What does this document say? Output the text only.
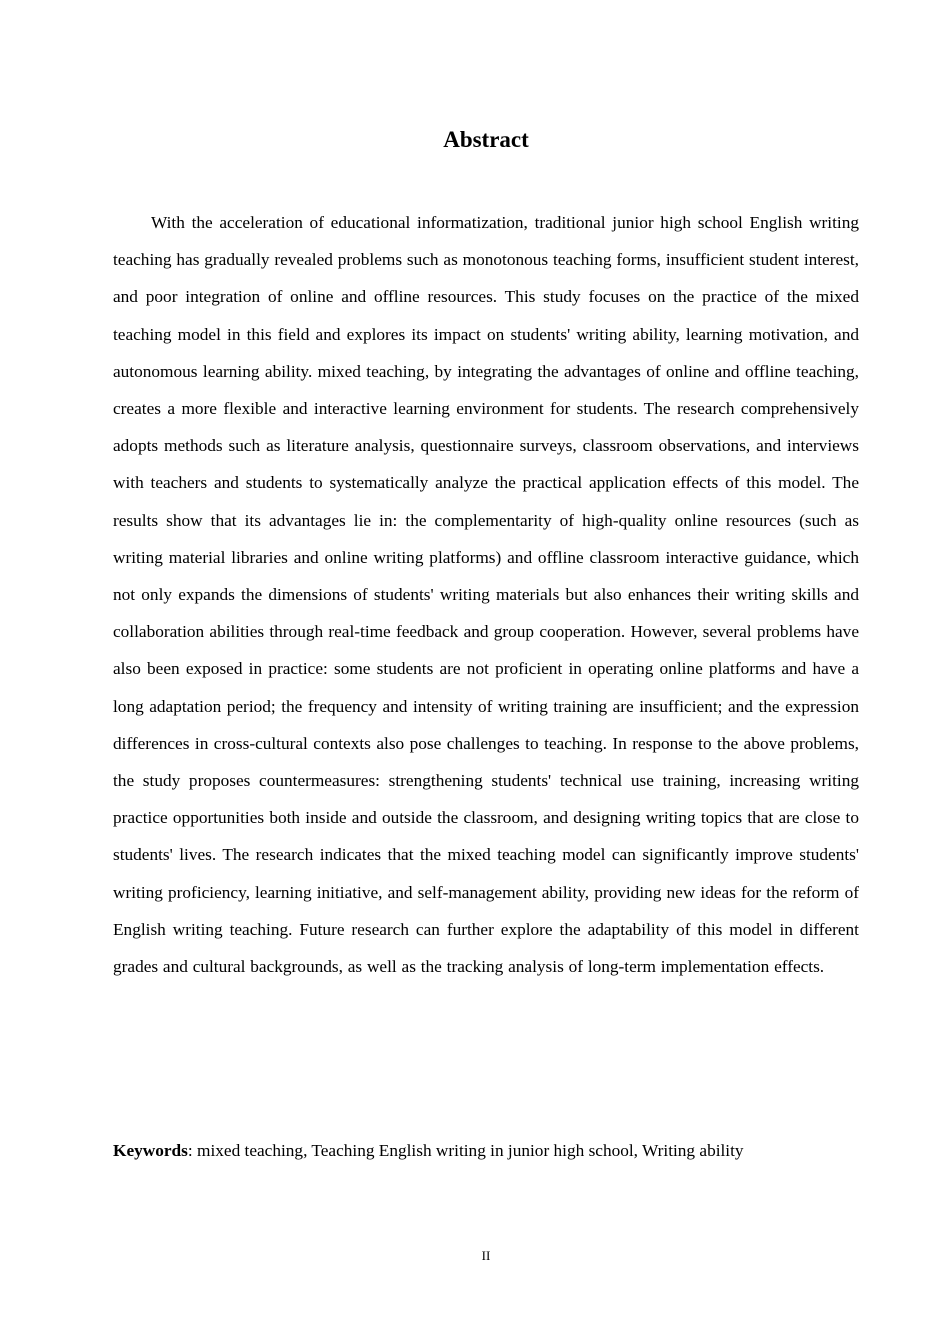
Abstract

With the acceleration of educational informatization, traditional junior high school English writing teaching has gradually revealed problems such as monotonous teaching forms, insufficient student interest, and poor integration of online and offline resources. This study focuses on the practice of the mixed teaching model in this field and explores its impact on students' writing ability, learning motivation, and autonomous learning ability. mixed teaching, by integrating the advantages of online and offline teaching, creates a more flexible and interactive learning environment for students. The research comprehensively adopts methods such as literature analysis, questionnaire surveys, classroom observations, and interviews with teachers and students to systematically analyze the practical application effects of this model. The results show that its advantages lie in: the complementarity of high-quality online resources (such as writing material libraries and online writing platforms) and offline classroom interactive guidance, which not only expands the dimensions of students' writing materials but also enhances their writing skills and collaboration abilities through real-time feedback and group cooperation. However, several problems have also been exposed in practice: some students are not proficient in operating online platforms and have a long adaptation period; the frequency and intensity of writing training are insufficient; and the expression differences in cross-cultural contexts also pose challenges to teaching. In response to the above problems, the study proposes countermeasures: strengthening students' technical use training, increasing writing practice opportunities both inside and outside the classroom, and designing writing topics that are close to students' lives. The research indicates that the mixed teaching model can significantly improve students' writing proficiency, learning initiative, and self-management ability, providing new ideas for the reform of English writing teaching. Future research can further explore the adaptability of this model in different grades and cultural backgrounds, as well as the tracking analysis of long-term implementation effects.

Keywords: mixed teaching, Teaching English writing in junior high school, Writing ability

II
